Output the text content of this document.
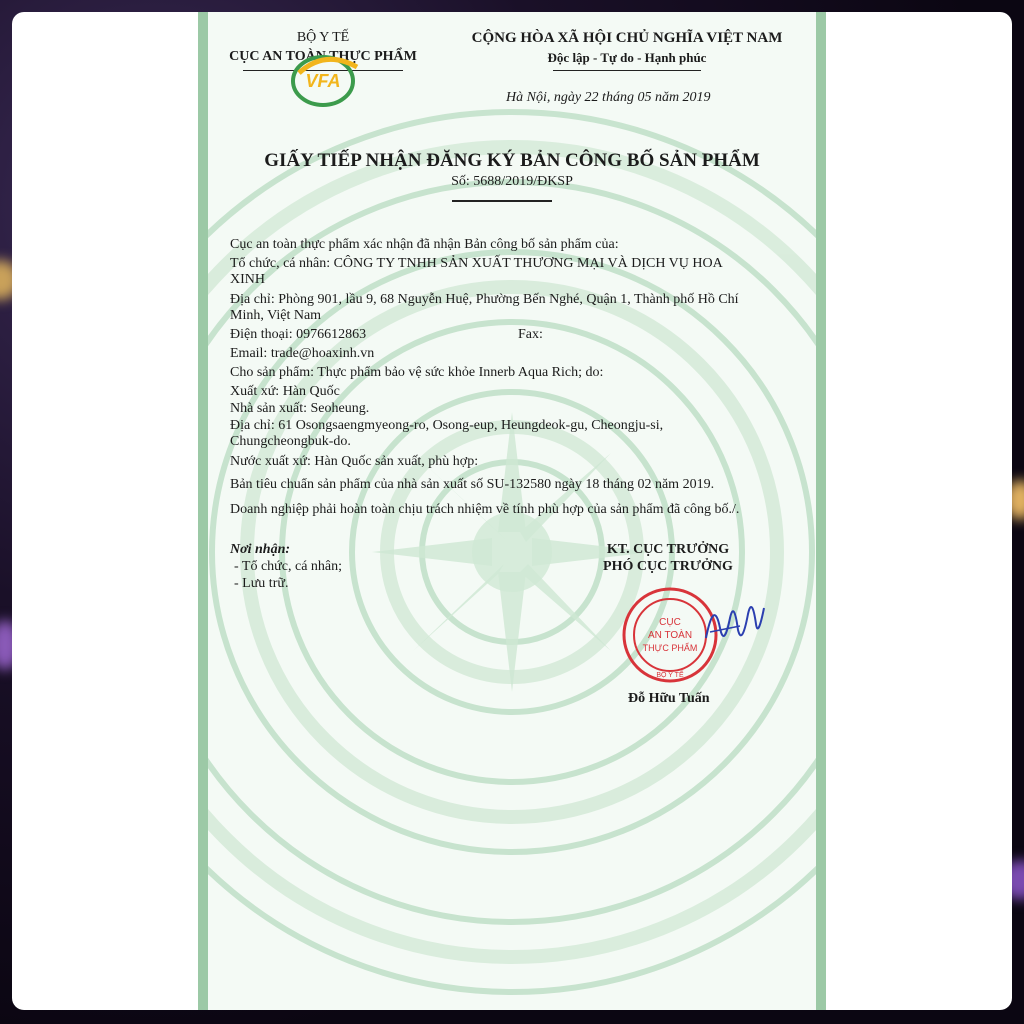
BỘ Y TẾ
CỤC AN TOÀN THỰC PHẨM
CỘNG HÒA XÃ HỘI CHỦ NGHĨA VIỆT NAM
Độc lập - Tự do - Hạnh phúc
Hà Nội, ngày 22 tháng 05 năm 2019
GIẤY TIẾP NHẬN ĐĂNG KÝ BẢN CÔNG BỐ SẢN PHẨM
Số: 5688/2019/ĐKSP
Cục an toàn thực phẩm xác nhận đã nhận Bản công bố sản phẩm của:
Tổ chức, cá nhân: CÔNG TY TNHH SẢN XUẤT THƯƠNG MẠI VÀ DỊCH VỤ HOA
XINH
Địa chỉ: Phòng 901, lầu 9, 68 Nguyễn Huệ, Phường Bến Nghé, Quận 1, Thành phố Hồ Chí
Minh, Việt Nam
Điện thoại: 0976612863	Fax:
Email: trade@hoaxinh.vn
Cho sản phẩm: Thực phẩm bảo vệ sức khỏe Innerb Aqua Rich; do:
Xuất xứ: Hàn Quốc
Nhà sản xuất: Seoheung.
Địa chỉ: 61 Osongsaengmyeong-ro, Osong-eup, Heungdeok-gu, Cheongju-si,
Chungcheongbuk-do.
Nước xuất xứ: Hàn Quốc sản xuất, phù hợp:
Bản tiêu chuẩn sản phẩm của nhà sản xuất số SU-132580 ngày 18 tháng 02 năm 2019.
Doanh nghiệp phải hoàn toàn chịu trách nhiệm về tính phù hợp của sản phẩm đã công bố./.
Nơi nhận:
- Tổ chức, cá nhân;
- Lưu trữ.
KT. CỤC TRƯỞNG
PHÓ CỤC TRƯỞNG
Đỗ Hữu Tuấn
VFA
CỤC
AN TOÀN
THỰC PHẨM
BỘ Y TẾ
